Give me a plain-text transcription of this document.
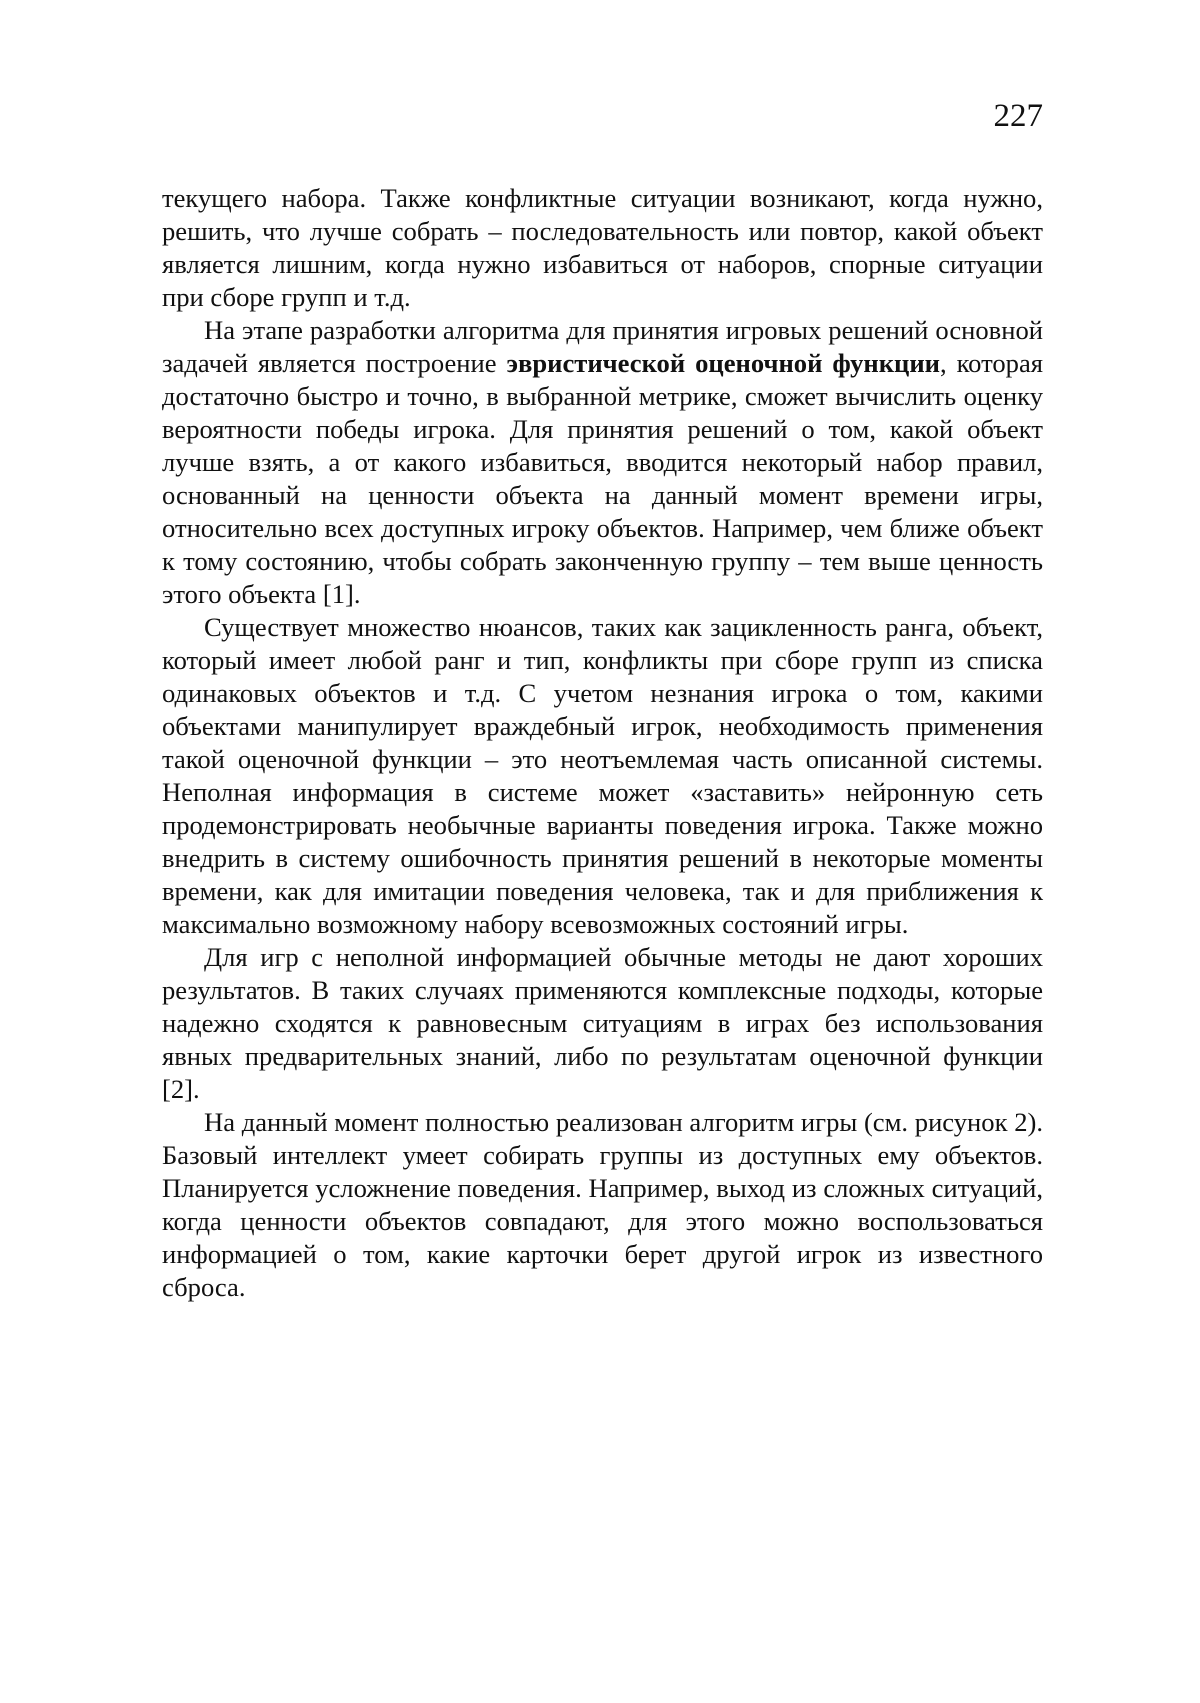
227

текущего набора. Также конфликтные ситуации возникают, когда нужно, решить, что лучше собрать – последовательность или повтор, какой объект является лишним, когда нужно избавиться от наборов, спорные ситуации при сборе групп и т.д.

На этапе разработки алгоритма для принятия игровых решений основной задачей является построение эвристической оценочной функции, которая достаточно быстро и точно, в выбранной метрике, сможет вычислить оценку вероятности победы игрока. Для принятия решений о том, какой объект лучше взять, а от какого избавиться, вводится некоторый набор правил, основанный на ценности объекта на данный момент времени игры, относительно всех доступных игроку объектов. Например, чем ближе объект к тому состоянию, чтобы собрать законченную группу – тем выше ценность этого объекта [1].

Существует множество нюансов, таких как зацикленность ранга, объект, который имеет любой ранг и тип, конфликты при сборе групп из списка одинаковых объектов и т.д. С учетом незнания игрока о том, какими объектами манипулирует враждебный игрок, необходимость применения такой оценочной функции – это неотъемлемая часть описанной системы. Неполная информация в системе может «заставить» нейронную сеть продемонстрировать необычные варианты поведения игрока. Также можно внедрить в систему ошибочность принятия решений в некоторые моменты времени, как для имитации поведения человека, так и для приближения к максимально возможному набору всевозможных состояний игры.

Для игр с неполной информацией обычные методы не дают хороших результатов. В таких случаях применяются комплексные подходы, которые надежно сходятся к равновесным ситуациям в играх без использования явных предварительных знаний, либо по результатам оценочной функции [2].

На данный момент полностью реализован алгоритм игры (см. рисунок 2). Базовый интеллект умеет собирать группы из доступных ему объектов. Планируется усложнение поведения. Например, выход из сложных ситуаций, когда ценности объектов совпадают, для этого можно воспользоваться информацией о том, какие карточки берет другой игрок из известного сброса.
